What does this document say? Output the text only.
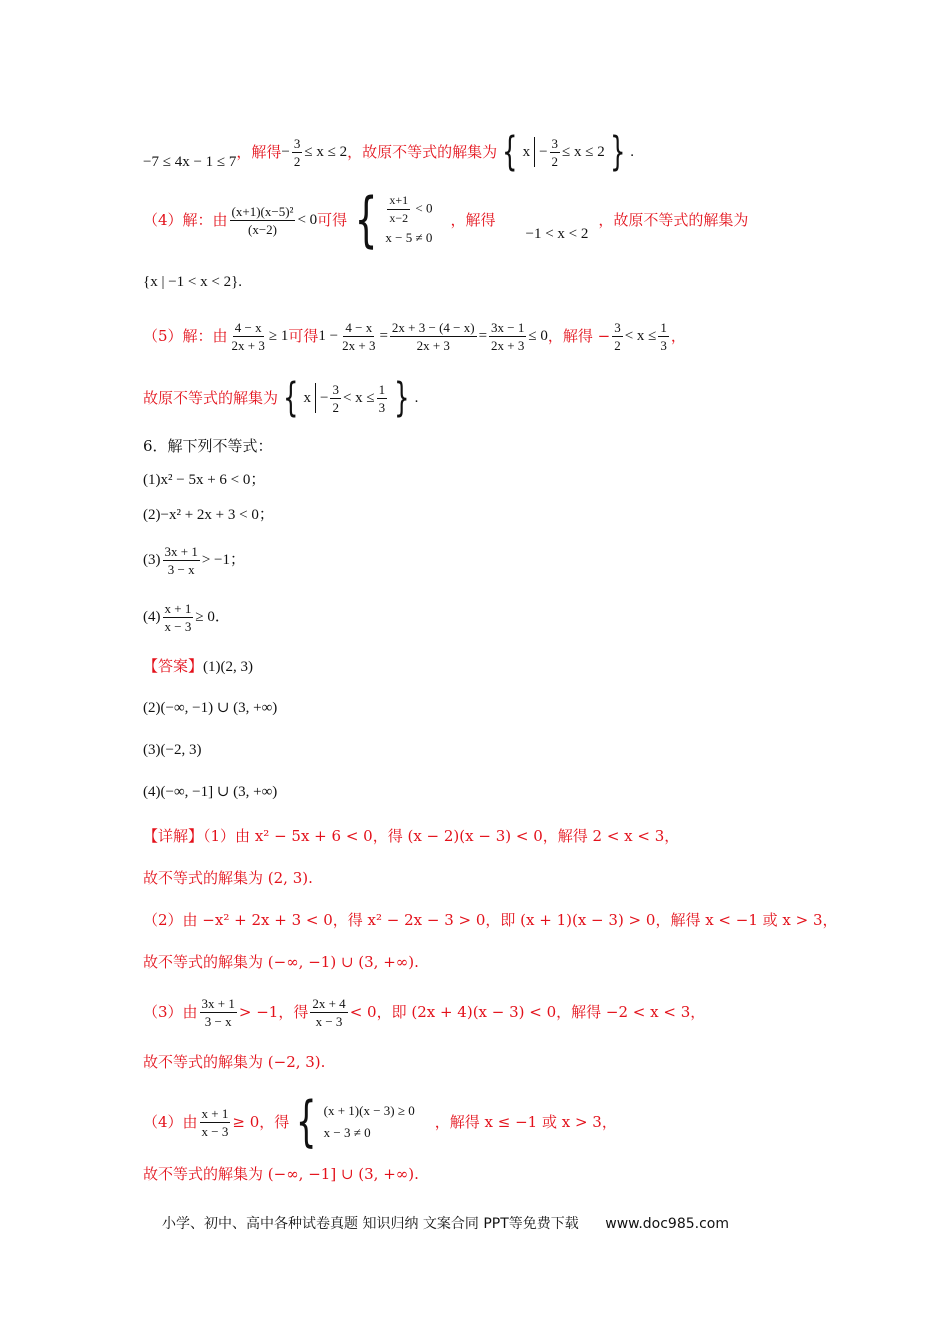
−7 ≤ 4x − 1 ≤ 7
，解得 − $\frac{3}{2} \le x \le 2$ ，故原不等式的解集为 { $x - \frac{3}{2} \le x \le 2$ } .
（4）解：由 $\frac{\text{(x+1)(x−5)²}}{(x-2)} < 0$ 可得 { $\frac{x+1}{x-2} < 0$
x − 5 ≠ 0
，解得
−1 < x < 2
，故原不等式的解集为
{x | −1 < x < 2}.
（5）解：由 $\frac{4 - x}{2x + 3} \ge 1$ 可得 $1 - \frac{4 - x}{2x + 3} = \frac{2x + 3 - (4 - x)}{2x + 3} = \frac{3x - 1}{2x + 3} \le 0$ ，解得 − $\frac{3}{2} < x \le \frac{1}{3}$ ，
故原不等式的解集为 { $x - \frac{3}{2} < x \le \frac{1}{3}$ } .
6．解下列不等式：
(1)x² − 5x + 6 < 0；
(2)−x² + 2x + 3 < 0；
$(3) \frac{3x + 1}{3 - x} > -1$；
$(4) \frac{x + 1}{x - 3} \ge 0$．
【答案】(1)(2, 3)
(2)(−∞, −1) ∪ (3, +∞)
(3)(−2, 3)
(4)(−∞, −1] ∪ (3, +∞)
【详解】（1）由 x² − 5x + 6 < 0，得 (x − 2)(x − 3) < 0，解得 2 < x < 3，
故不等式的解集为 (2, 3).
（2）由 −x² + 2x + 3 < 0，得 x² − 2x − 3 > 0，即 (x + 1)(x − 3) > 0，解得 x < −1 或 x > 3，
故不等式的解集为 (−∞, −1) ∪ (3, +∞).
（3）由 $\frac{3x + 1}{3 - x} > -1$，得 $\frac{2x + 4}{x - 3} < 0$，即 (2x + 4)(x − 3) < 0，解得 −2 < x < 3，
故不等式的解集为 (−2, 3).
（4）由 $\frac{x + 1}{x - 3} \ge 0$，得 { (x + 1)(x − 3) ≥ 0
x − 3 ≠ 0
，解得 x ≤ −1 或 x > 3，
故不等式的解集为 (−∞, −1] ∪ (3, +∞).
小学、初中、高中各种试卷真题 知识归纳 文案合同 PPT等免费下载 www.doc985.com
